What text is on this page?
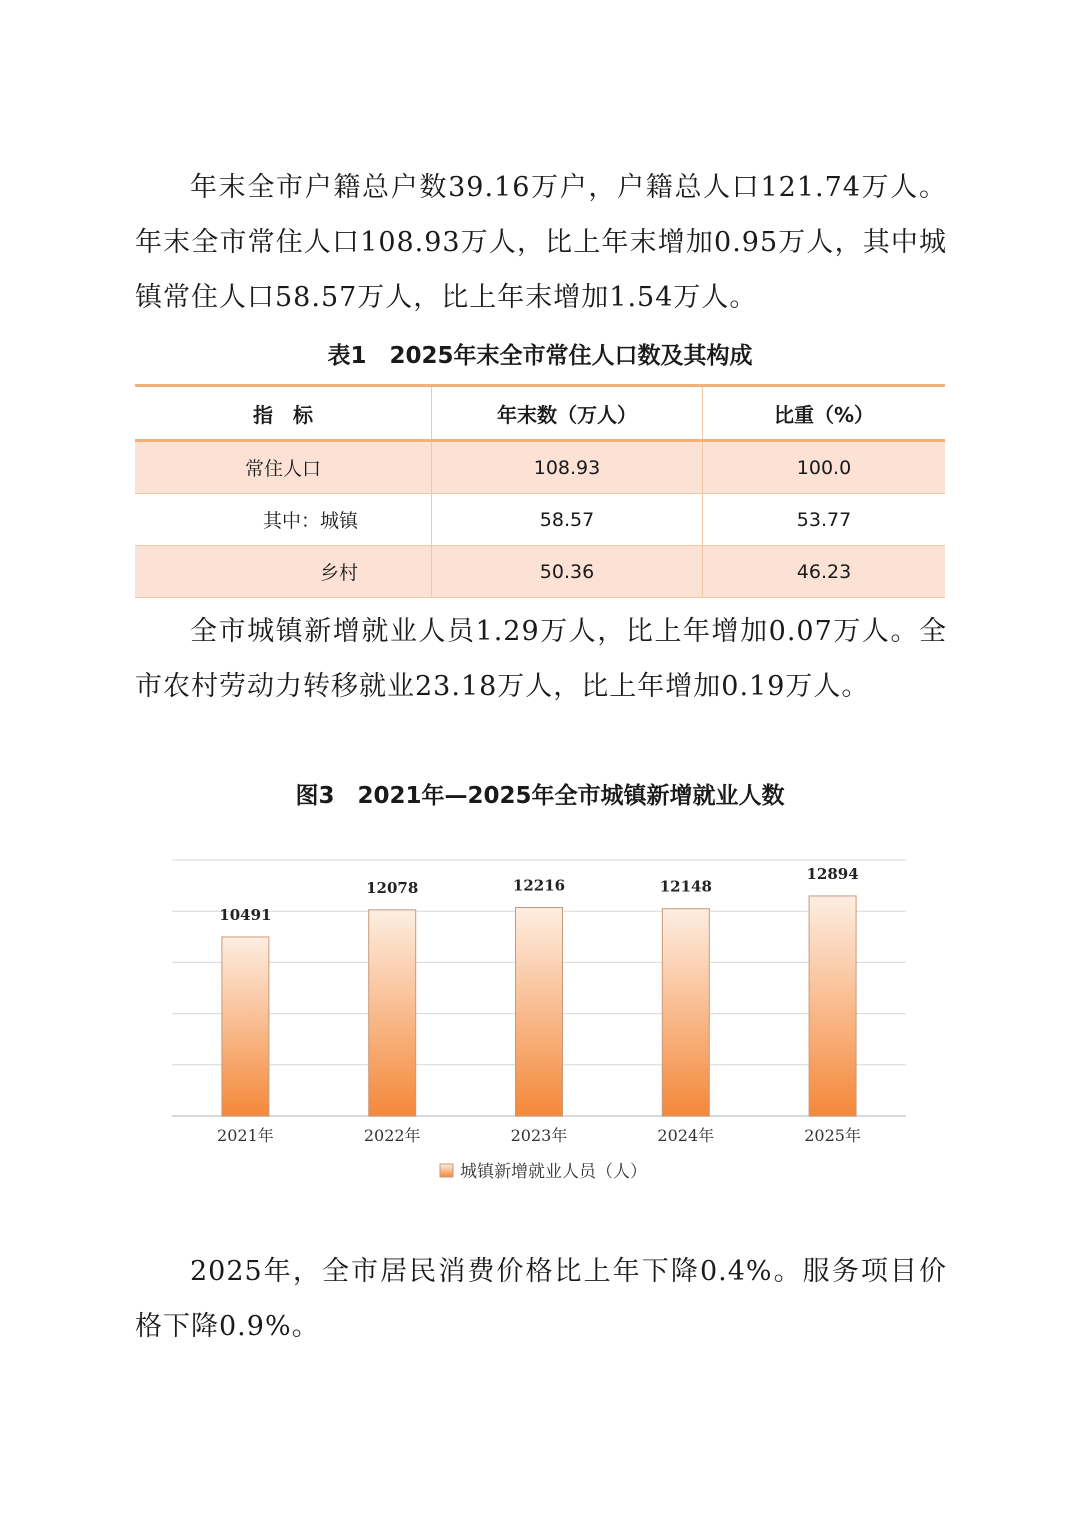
年末全市户籍总户数39.16万户，户籍总人口121.74万人。年末全市常住人口108.93万人，比上年末增加0.95万人，其中城镇常住人口58.57万人，比上年末增加1.54万人。

表1　2025年末全市常住人口数及其构成
指　标	年末数（万人）	比重（%）
常住人口	108.93	100.0
其中：城镇	58.57	53.77
乡村	50.36	46.23

全市城镇新增就业人员1.29万人，比上年增加0.07万人。全市农村劳动力转移就业23.18万人，比上年增加0.19万人。

图3　2021年—2025年全市城镇新增就业人数
10491
12078	12216	12148
12894
2021年	2022年	2023年	2024年	2025年
城镇新增就业人员（人）

2025年，全市居民消费价格比上年下降0.4%。服务项目价格下降0.9%。
